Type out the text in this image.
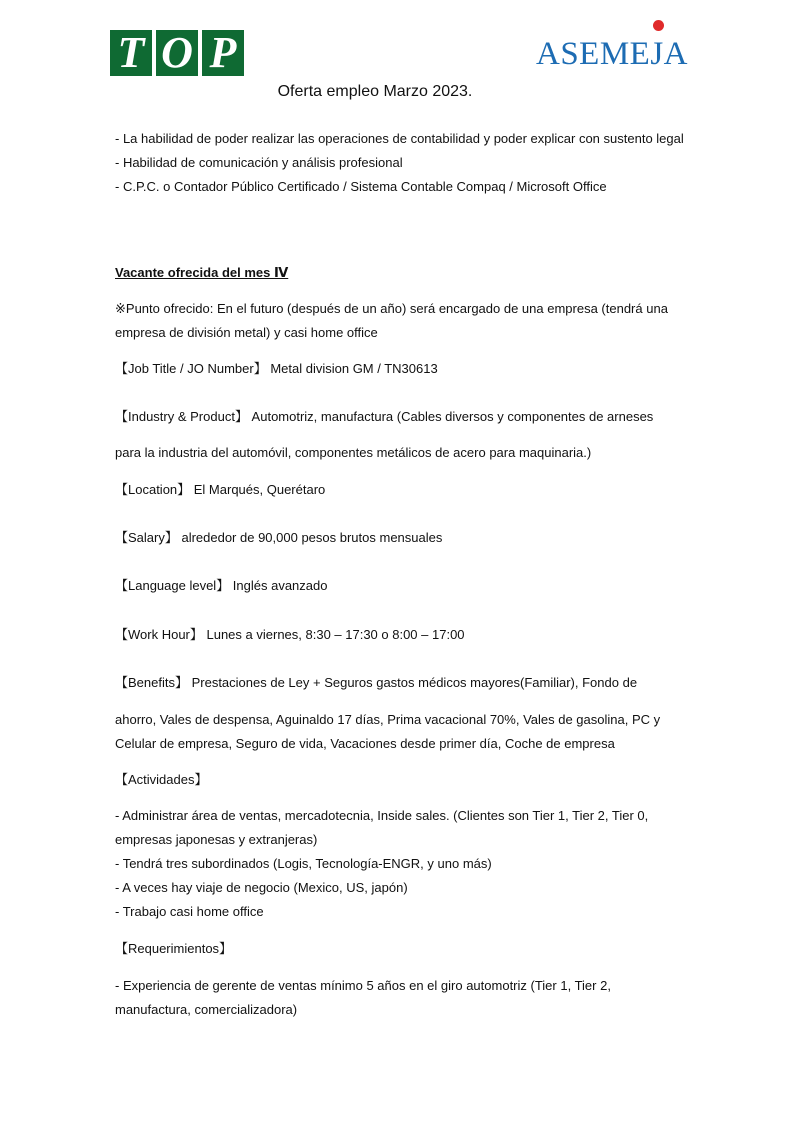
T O P	ASEMEJA
Oferta empleo Marzo 2023.

- La habilidad de poder realizar las operaciones de contabilidad y poder explicar con sustento legal

- Habilidad de comunicación y análisis profesional

- C.P.C. o Contador Público Certificado / Sistema Contable Compaq / Microsoft Office

Vacante ofrecida del mes Ⅳ

※Punto ofrecido: En el futuro (después de un año) será encargado de una empresa (tendrá una empresa de división metal) y casi home office

【Job Title / JO Number】 Metal division GM / TN30613

【Industry & Product】 Automotriz, manufactura (Cables diversos y componentes de arneses

para la industria del automóvil, componentes metálicos de acero para maquinaria.)

【Location】 El Marqués, Querétaro

【Salary】 alrededor de 90,000 pesos brutos mensuales

【Language level】 Inglés avanzado

【Work Hour】 Lunes a viernes, 8:30 – 17:30 o 8:00 – 17:00

【Benefits】 Prestaciones de Ley + Seguros gastos médicos mayores(Familiar), Fondo de

ahorro, Vales de despensa, Aguinaldo 17 días, Prima vacacional 70%, Vales de gasolina, PC y Celular de empresa, Seguro de vida, Vacaciones desde primer día, Coche de empresa

【Actividades】

- Administrar área de ventas, mercadotecnia, Inside sales. (Clientes son Tier 1, Tier 2, Tier 0, empresas japonesas y extranjeras)

- Tendrá tres subordinados (Logis, Tecnología-ENGR, y uno más)

- A veces hay viaje de negocio (Mexico, US, japón)

- Trabajo casi home office

【Requerimientos】

- Experiencia de gerente de ventas mínimo 5 años en el giro automotriz (Tier 1, Tier 2, manufactura, comercializadora)
